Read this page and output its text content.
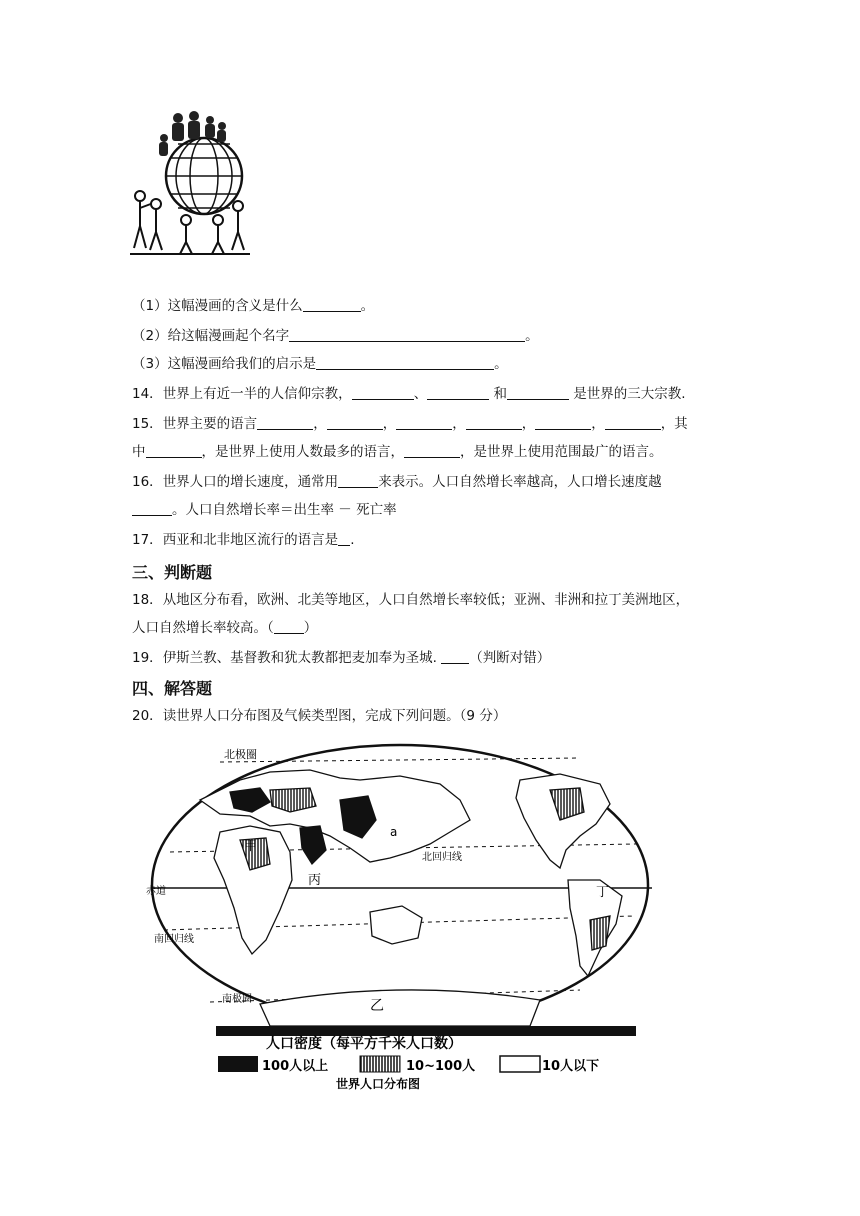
（1）这幅漫画的含义是什么	。
（2）给这幅漫画起个名字	。
（3）这幅漫画给我们的启示是	。
14．世界上有近一半的人信仰宗教，	、	和	是世界的三大宗教.
15．世界主要的语言	，	，	，	，	，	，其
中	，是世界上使用人数最多的语言，	，是世界上使用范围最广的语言。
16．世界人口的增长速度，通常用	来表示。人口自然增长率越高，人口增长速度越
。人口自然增长率＝出生率 － 死亡率
17．西亚和北非地区流行的语言是 .
三、判断题
18．从地区分布看，欧洲、北美等地区，人口自然增长率较低；亚洲、非洲和拉丁美洲地区，
人口自然增长率较高。（ ）
19．伊斯兰教、基督教和犹太教都把麦加奉为圣城. （判断对错）
四、解答题
20．读世界人口分布图及气候类型图，完成下列问题。（9 分）
北极圈
甲
a
北回归线
丙
丁
赤道
南回归线
南极圈	乙
人口密度（每平方千米人口数）
100人以上	10~100人	10人以下
世界人口分布图
